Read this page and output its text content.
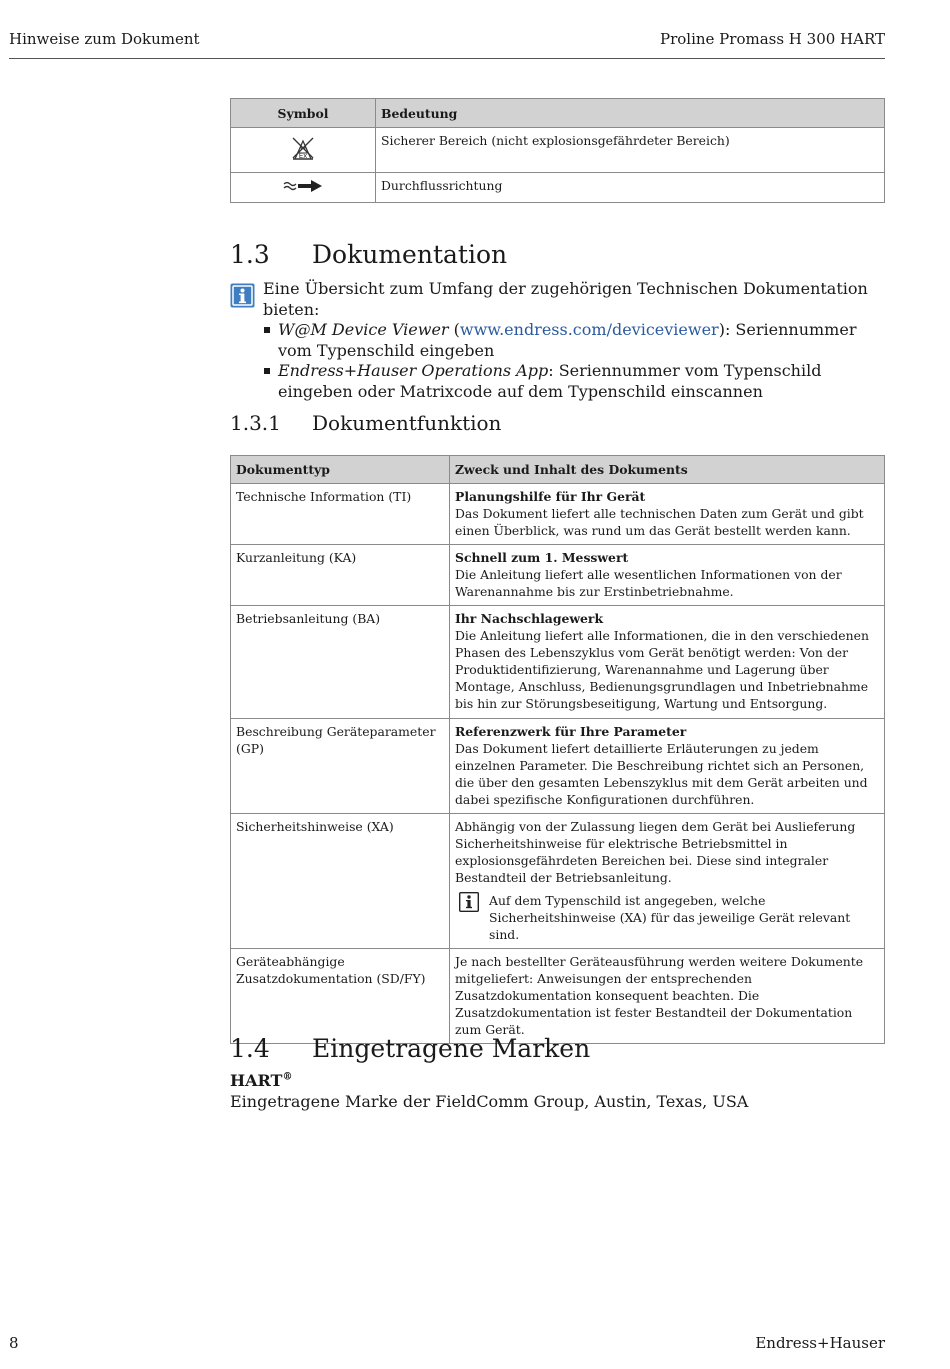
Hinweise zum Dokument	Proline Promass H 300 HART
Symbol	Bedeutung

Ex	Sicherer Bereich (nicht explosionsgefährdeter Bereich)
	Durchflussrichtung
1.3 Dokumentation

Eine Übersicht zum Umfang der zugehörigen Technischen Dokumentation bieten:

W@M Device Viewer (www.endress.com/deviceviewer): Seriennummer vom Typenschild eingeben
Endress+Hauser Operations App: Seriennummer vom Typenschild eingeben oder Matrixcode auf dem Typenschild einscannen
1.3.1 Dokumentfunktion
Dokumenttyp	Zweck und Inhalt des Dokuments
Technische Information (TI)	Planungshilfe für Ihr Gerät
Das Dokument liefert alle technischen Daten zum Gerät und gibt einen Überblick, was rund um das Gerät bestellt werden kann.
Kurzanleitung (KA)	Schnell zum 1. Messwert
Die Anleitung liefert alle wesentlichen Informationen von der Warenannahme bis zur Erstinbetriebnahme.
Betriebsanleitung (BA)	Ihr Nachschlagewerk
Die Anleitung liefert alle Informationen, die in den verschiedenen Phasen des Lebenszyklus vom Gerät benötigt werden: Von der Produktidentifizierung, Warenannahme und Lagerung über Montage, Anschluss, Bedienungsgrundlagen und Inbetriebnahme bis hin zur Störungsbeseitigung, Wartung und Entsorgung.
Beschreibung Geräteparameter (GP)	Referenzwerk für Ihre Parameter
Das Dokument liefert detaillierte Erläuterungen zu jedem einzelnen Parameter. Die Beschreibung richtet sich an Personen, die über den gesamten Lebenszyklus mit dem Gerät arbeiten und dabei spezifische Konfigurationen durchführen.
Sicherheitshinweise (XA)	Abhängig von der Zulassung liegen dem Gerät bei Auslieferung Sicherheitshinweise für elektrische Betriebsmittel in explosionsgefährdeten Bereichen bei. Diese sind integraler Bestandteil der Betriebsanleitung.
Auf dem Typenschild ist angegeben, welche Sicherheitshinweise (XA) für das jeweilige Gerät relevant sind.

Geräteabhängige Zusatzdokumentation (SD/FY)	Je nach bestellter Geräteausführung werden weitere Dokumente mitgeliefert: Anweisungen der entsprechenden Zusatzdokumentation konsequent beachten. Die Zusatzdokumentation ist fester Bestandteil der Dokumentation zum Gerät.
1.4 Eingetragene Marken

HART®

Eingetragene Marke der FieldComm Group, Austin, Texas, USA

8	Endress+Hauser
